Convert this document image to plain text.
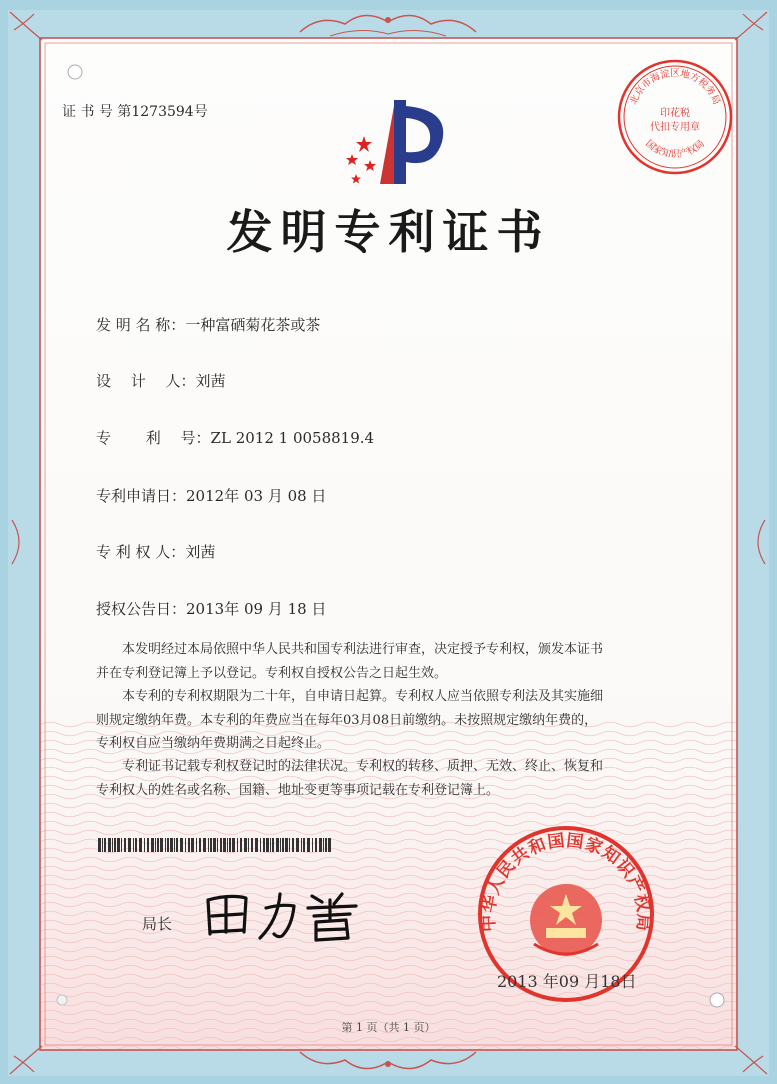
北京市海淀区地方税务局
国家知识产权局
印花税
代扣专用章
证 书 号 第1273594号
发明专利证书
发 明 名 称：一种富硒菊花茶或茶
设　 计　 人：刘茜
专　　 利　 号：ZL 2012 1 0058819.4
专利申请日：2012年 03 月 08 日
专 利 权 人：刘茜
授权公告日：2013年 09 月 18 日
本发明经过本局依照中华人民共和国专利法进行审查，决定授予专利权，颁发本证书
并在专利登记簿上予以登记。专利权自授权公告之日起生效。
本专利的专利权期限为二十年，自申请日起算。专利权人应当依照专利法及其实施细
则规定缴纳年费。本专利的年费应当在每年03月08日前缴纳。未按照规定缴纳年费的，
专利权自应当缴纳年费期满之日起终止。
专利证书记载专利权登记时的法律状况。专利权的转移、质押、无效、终止、恢复和
专利权人的姓名或名称、国籍、地址变更等事项记载在专利登记簿上。
局长	中华人民共和国国家知识产权局
2013 年09 月18日
第 1 页（共 1 页）
